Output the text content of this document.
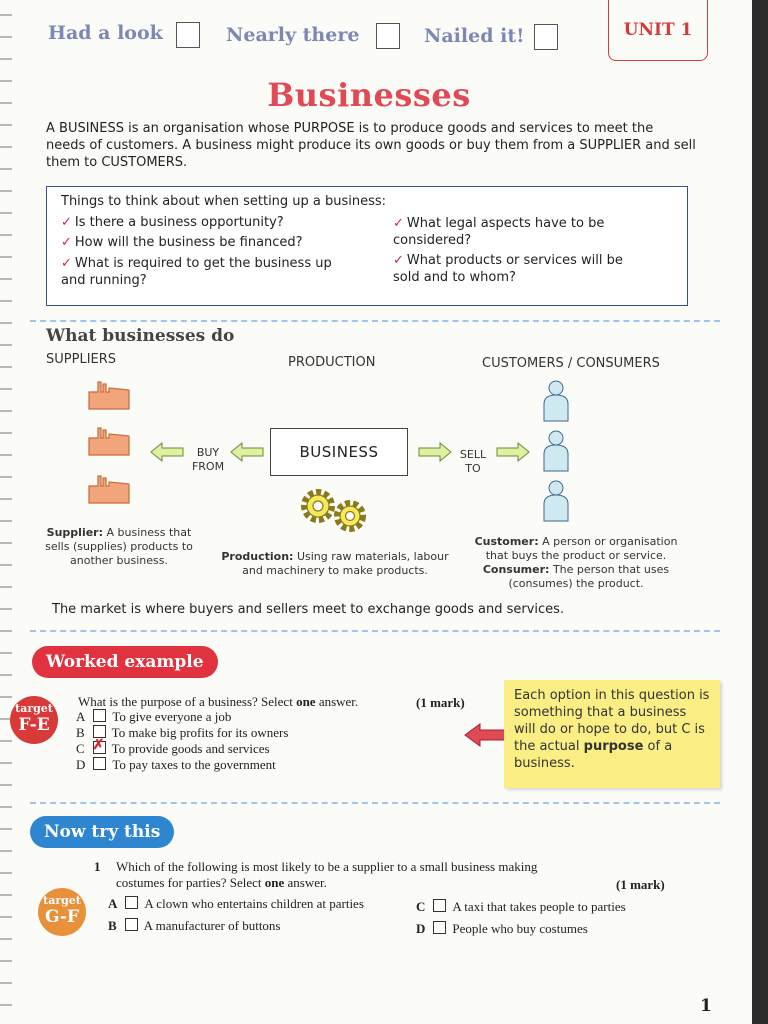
Had a look	Nearly there	Nailed it!	UNIT 1
Businesses
A BUSINESS is an organisation whose PURPOSE is to produce goods and services to meet the needs of customers. A business might produce its own goods or buy them from a SUPPLIER and sell them to CUSTOMERS.
Things to think about when setting up a business:
✓ Is there a business opportunity?
✓ How will the business be financed?
✓ What is required to get the business up and running?
✓ What legal aspects have to be considered?
✓ What products or services will be sold and to whom?
What businesses do
SUPPLIERS	PRODUCTION	CUSTOMERS / CONSUMERS
BUY
FROM
BUSINESS	SELL
TO
Supplier: A business that sells (supplies) products to another business.	Production: Using raw materials, labour and machinery to make products.
Customer: A person or organisation that buys the product or service.
Consumer: The person that uses (consumes) the product.
The market is where buyers and sellers meet to exchange goods and services.
Worked example
target
F-E
What is the purpose of a business? Select one answer.	(1 mark)
A To give everyone a job
B To make big profits for its owners
C ✗ To provide goods and services
D To pay taxes to the government
Each option in this question is something that a business will do or hope to do, but C is the actual purpose of a business.
Now try this
target
G-F
1 Which of the following is most likely to be a supplier to a small business making
costumes for parties? Select one answer.	(1 mark)
A A clown who entertains children at parties
B A manufacturer of buttons
C A taxi that takes people to parties
D People who buy costumes
1
